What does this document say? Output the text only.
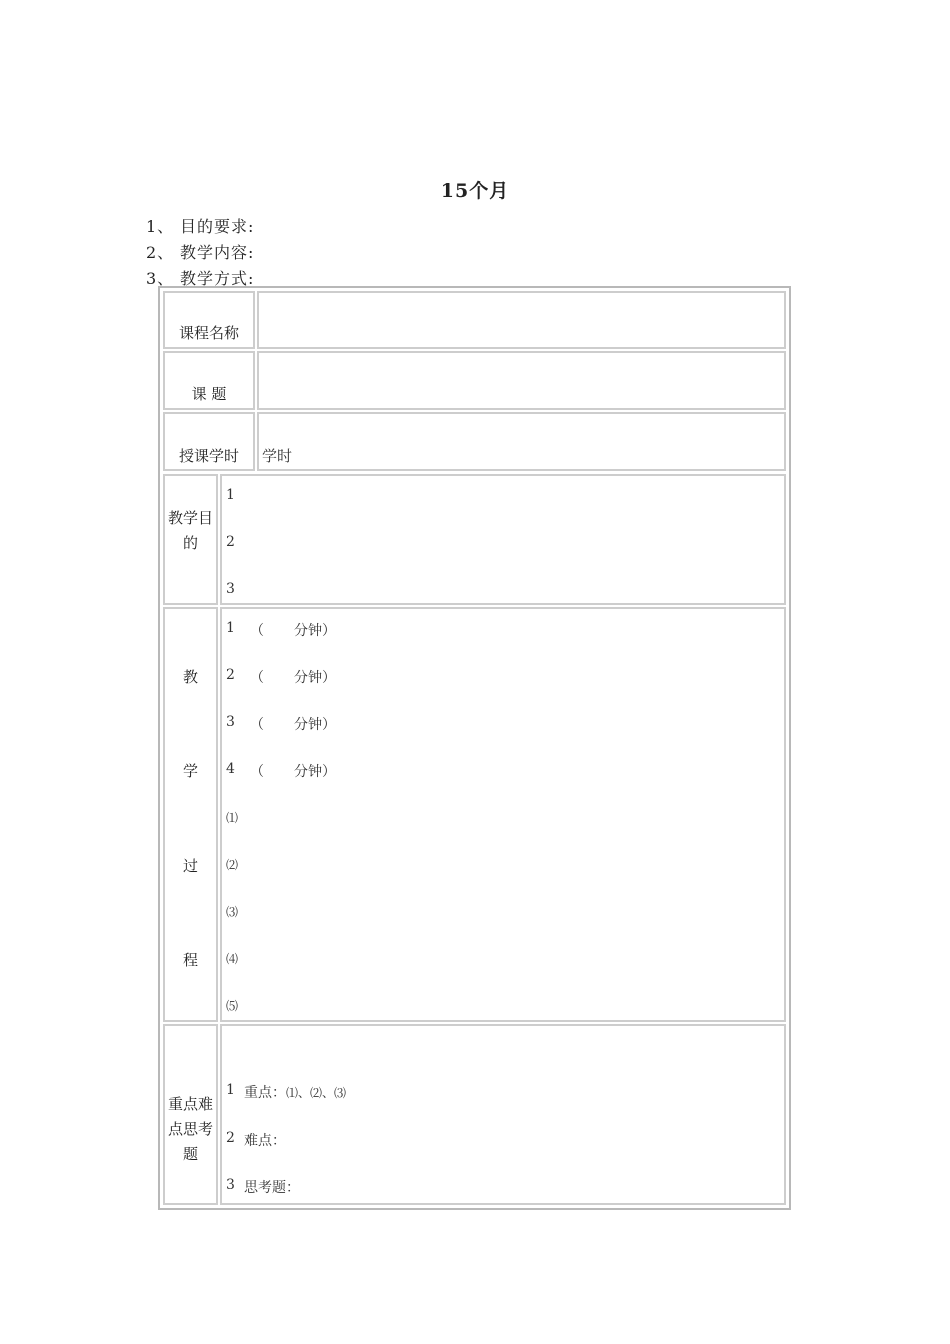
15个月
1、 目的要求:
2、 教学内容:
3、 教学方式:
课程名称
课 题
授课学时	学时
教学目
的
1
2
3
教
学
过
程
1 （ 分钟）
2 （ 分钟）
3 （ 分钟）
4 （ 分钟）
⑴
⑵
⑶
⑷
⑸
重点难
点思考
题
1 重点：⑴、⑵、⑶
2 难点：
3 思考题：
